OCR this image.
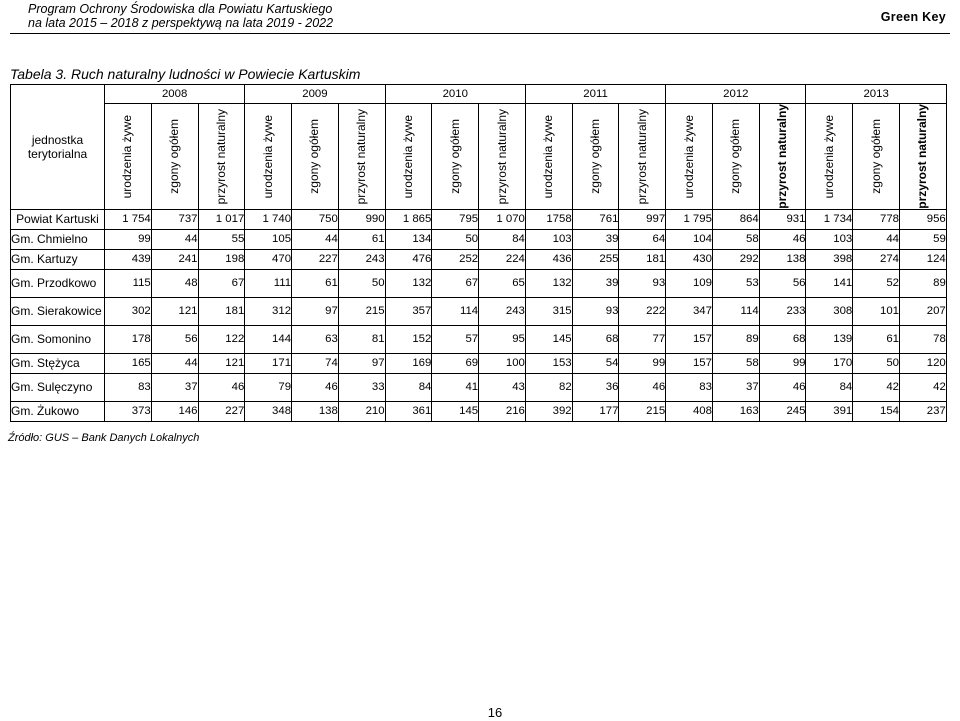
Program Ochrony Środowiska dla Powiatu Kartuskiego
na lata 2015 – 2018 z perspektywą na lata 2019 - 2022	Green Key
Tabela 3. Ruch naturalny ludności w Powiecie Kartuskim
jednostka terytorialna	2008			2009			2010			2011			2012			2013		

	urodzenia żywe	zgony ogółem	przyrost naturalny	urodzenia żywe	zgony ogółem	przyrost naturalny	urodzenia żywe	zgony ogółem	przyrost naturalny	urodzenia żywe	zgony ogółem	przyrost naturalny	urodzenia żywe	zgony ogółem	przyrost naturalny	urodzenia żywe	zgony ogółem	przyrost naturalny

Powiat Kartuski	1 754	737	1 017	1 740	750	990	1 865	795	1 070	1758	761	997	1 795	864	931	1 734	778	956
Gm. Chmielno	99	44	55	105	44	61	134	50	84	103	39	64	104	58	46	103	44	59
Gm. Kartuzy	439	241	198	470	227	243	476	252	224	436	255	181	430	292	138	398	274	124
Gm. Przodkowo	115	48	67	111	61	50	132	67	65	132	39	93	109	53	56	141	52	89
Gm. Sierakowice	302	121	181	312	97	215	357	114	243	315	93	222	347	114	233	308	101	207
Gm. Somonino	178	56	122	144	63	81	152	57	95	145	68	77	157	89	68	139	61	78
Gm. Stężyca	165	44	121	171	74	97	169	69	100	153	54	99	157	58	99	170	50	120
Gm. Sulęczyno	83	37	46	79	46	33	84	41	43	82	36	46	83	37	46	84	42	42
Gm. Żukowo	373	146	227	348	138	210	361	145	216	392	177	215	408	163	245	391	154	237
Źródło: GUS – Bank Danych Lokalnych
16
